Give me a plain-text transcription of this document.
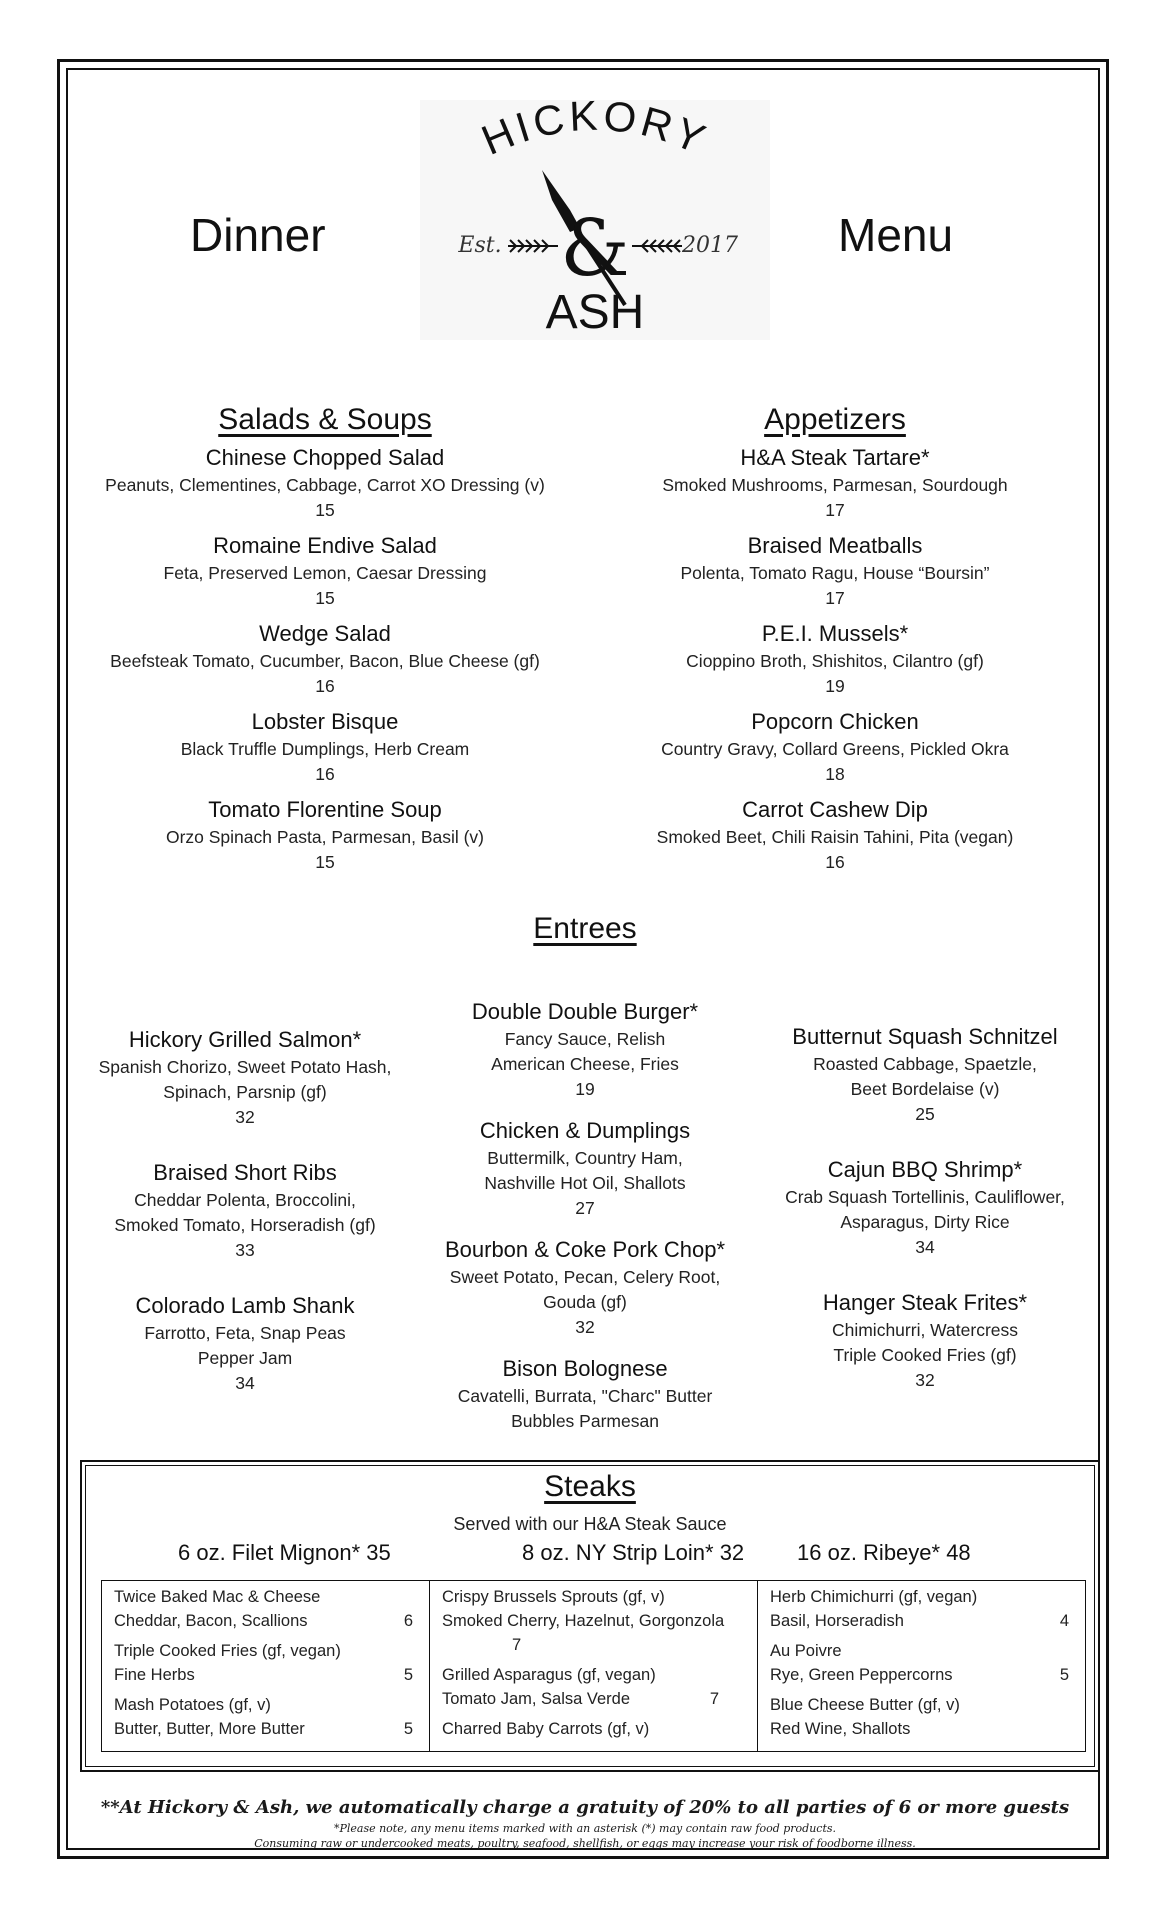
Dinner	Menu
HICKORY
&
Est.	2017
ASH
Salads & Soups
Chinese Chopped Salad
Peanuts, Clementines, Cabbage, Carrot XO Dressing (v)
15
Romaine Endive Salad
Feta, Preserved Lemon, Caesar Dressing
15
Wedge Salad
Beefsteak Tomato, Cucumber, Bacon, Blue Cheese (gf)
16
Lobster Bisque
Black Truffle Dumplings, Herb Cream
16
Tomato Florentine Soup
Orzo Spinach Pasta, Parmesan, Basil (v)
15
Appetizers
H&A Steak Tartare*
Smoked Mushrooms, Parmesan, Sourdough
17
Braised Meatballs
Polenta, Tomato Ragu, House “Boursin”
17
P.E.I. Mussels*
Cioppino Broth, Shishitos, Cilantro (gf)
19
Popcorn Chicken
Country Gravy, Collard Greens, Pickled Okra
18
Carrot Cashew Dip
Smoked Beet, Chili Raisin Tahini, Pita (vegan)
16
Entrees
Hickory Grilled Salmon*
Spanish Chorizo, Sweet Potato Hash,
Spinach, Parsnip (gf)
32
Braised Short Ribs
Cheddar Polenta, Broccolini,
Smoked Tomato, Horseradish (gf)
33
Colorado Lamb Shank
Farrotto, Feta, Snap Peas
Pepper Jam
34
Double Double Burger*
Fancy Sauce, Relish
American Cheese, Fries
19
Chicken & Dumplings
Buttermilk, Country Ham,
Nashville Hot Oil, Shallots
27
Bourbon & Coke Pork Chop*
Sweet Potato, Pecan, Celery Root,
Gouda (gf)
32
Bison Bolognese
Cavatelli, Burrata, "Charc" Butter
Bubbles Parmesan
Butternut Squash Schnitzel
Roasted Cabbage, Spaetzle,
Beet Bordelaise (v)
25
Cajun BBQ Shrimp*
Crab Squash Tortellinis, Cauliflower,
Asparagus, Dirty Rice
34
Hanger Steak Frites*
Chimichurri, Watercress
Triple Cooked Fries (gf)
32
Steaks
Served with our H&A Steak Sauce
6 oz. Filet Mignon* 35	8 oz. NY Strip Loin* 32 16 oz. Ribeye* 48
Twice Baked Mac & Cheese
Cheddar, Bacon, Scallions	6
Triple Cooked Fries (gf, vegan)
Fine Herbs	5
Mash Potatoes (gf, v)
Butter, Butter, More Butter	5
Crispy Brussels Sprouts (gf, v)
Smoked Cherry, Hazelnut, Gorgonzola
7
Grilled Asparagus (gf, vegan)
Tomato Jam, Salsa Verde	7
Charred Baby Carrots (gf, v)
Herb Chimichurri (gf, vegan)
Basil, Horseradish	4
Au Poivre
Rye, Green Peppercorns	5
Blue Cheese Butter (gf, v)
Red Wine, Shallots
**At Hickory & Ash, we automatically charge a gratuity of 20% to all parties of 6 or more guests
*Please note, any menu items marked with an asterisk (*) may contain raw food products.
Consuming raw or undercooked meats, poultry, seafood, shellfish, or eggs may increase your risk of foodborne illness.
